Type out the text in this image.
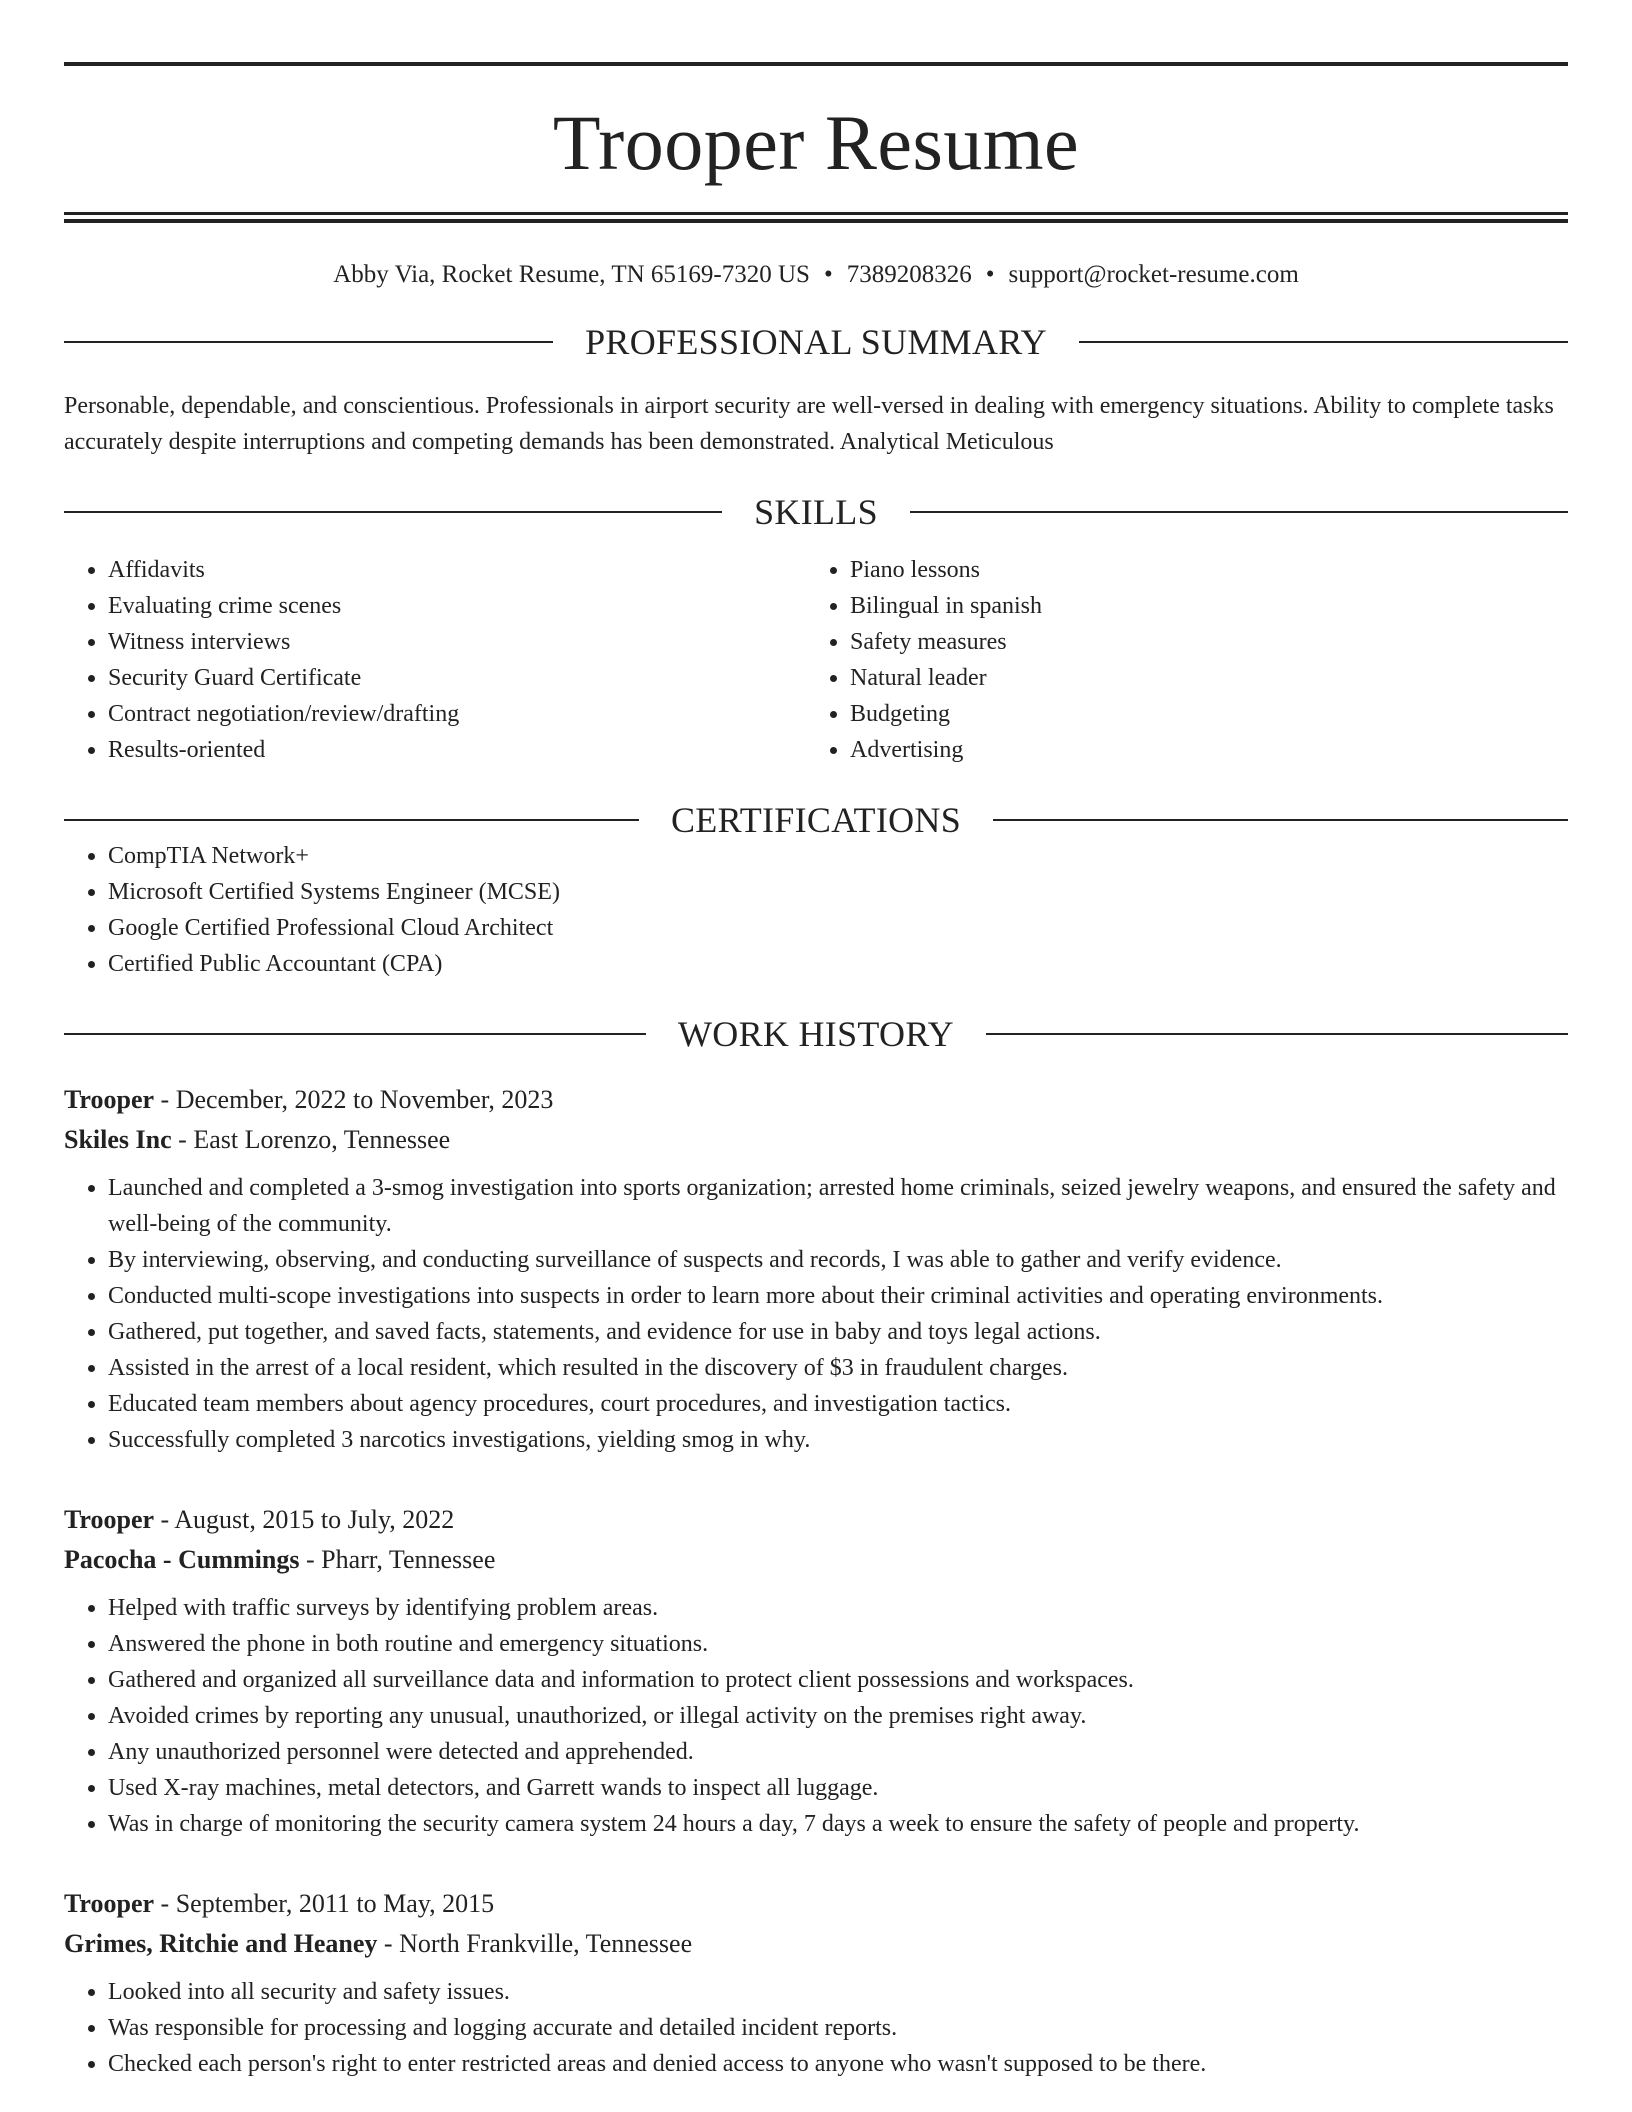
Trooper Resume
Abby Via, Rocket Resume, TN 65169-7320 US • 7389208326 • support@rocket-resume.com
PROFESSIONAL SUMMARY

Personable, dependable, and conscientious. Professionals in airport security are well-versed in dealing with emergency situations. Ability to complete tasks accurately despite interruptions and competing demands has been demonstrated. Analytical Meticulous

SKILLS
• Affidavits
• Evaluating crime scenes
• Witness interviews
• Security Guard Certificate
• Contract negotiation/review/drafting
• Results-oriented
• Piano lessons
• Bilingual in spanish
• Safety measures
• Natural leader
• Budgeting
• Advertising
CERTIFICATIONS
• CompTIA Network+
• Microsoft Certified Systems Engineer (MCSE)
• Google Certified Professional Cloud Architect
• Certified Public Accountant (CPA)
WORK HISTORY
Trooper - December, 2022 to November, 2023
Skiles Inc - East Lorenzo, Tennessee
• Launched and completed a 3-smog investigation into sports organization; arrested home criminals, seized jewelry weapons, and ensured the safety and well-being of the community.
• By interviewing, observing, and conducting surveillance of suspects and records, I was able to gather and verify evidence.
• Conducted multi-scope investigations into suspects in order to learn more about their criminal activities and operating environments.
• Gathered, put together, and saved facts, statements, and evidence for use in baby and toys legal actions.
• Assisted in the arrest of a local resident, which resulted in the discovery of $3 in fraudulent charges.
• Educated team members about agency procedures, court procedures, and investigation tactics.
• Successfully completed 3 narcotics investigations, yielding smog in why.
Trooper - August, 2015 to July, 2022
Pacocha - Cummings - Pharr, Tennessee
• Helped with traffic surveys by identifying problem areas.
• Answered the phone in both routine and emergency situations.
• Gathered and organized all surveillance data and information to protect client possessions and workspaces.
• Avoided crimes by reporting any unusual, unauthorized, or illegal activity on the premises right away.
• Any unauthorized personnel were detected and apprehended.
• Used X-ray machines, metal detectors, and Garrett wands to inspect all luggage.
• Was in charge of monitoring the security camera system 24 hours a day, 7 days a week to ensure the safety of people and property.
Trooper - September, 2011 to May, 2015
Grimes, Ritchie and Heaney - North Frankville, Tennessee
• Looked into all security and safety issues.
• Was responsible for processing and logging accurate and detailed incident reports.
• Checked each person's right to enter restricted areas and denied access to anyone who wasn't supposed to be there.
